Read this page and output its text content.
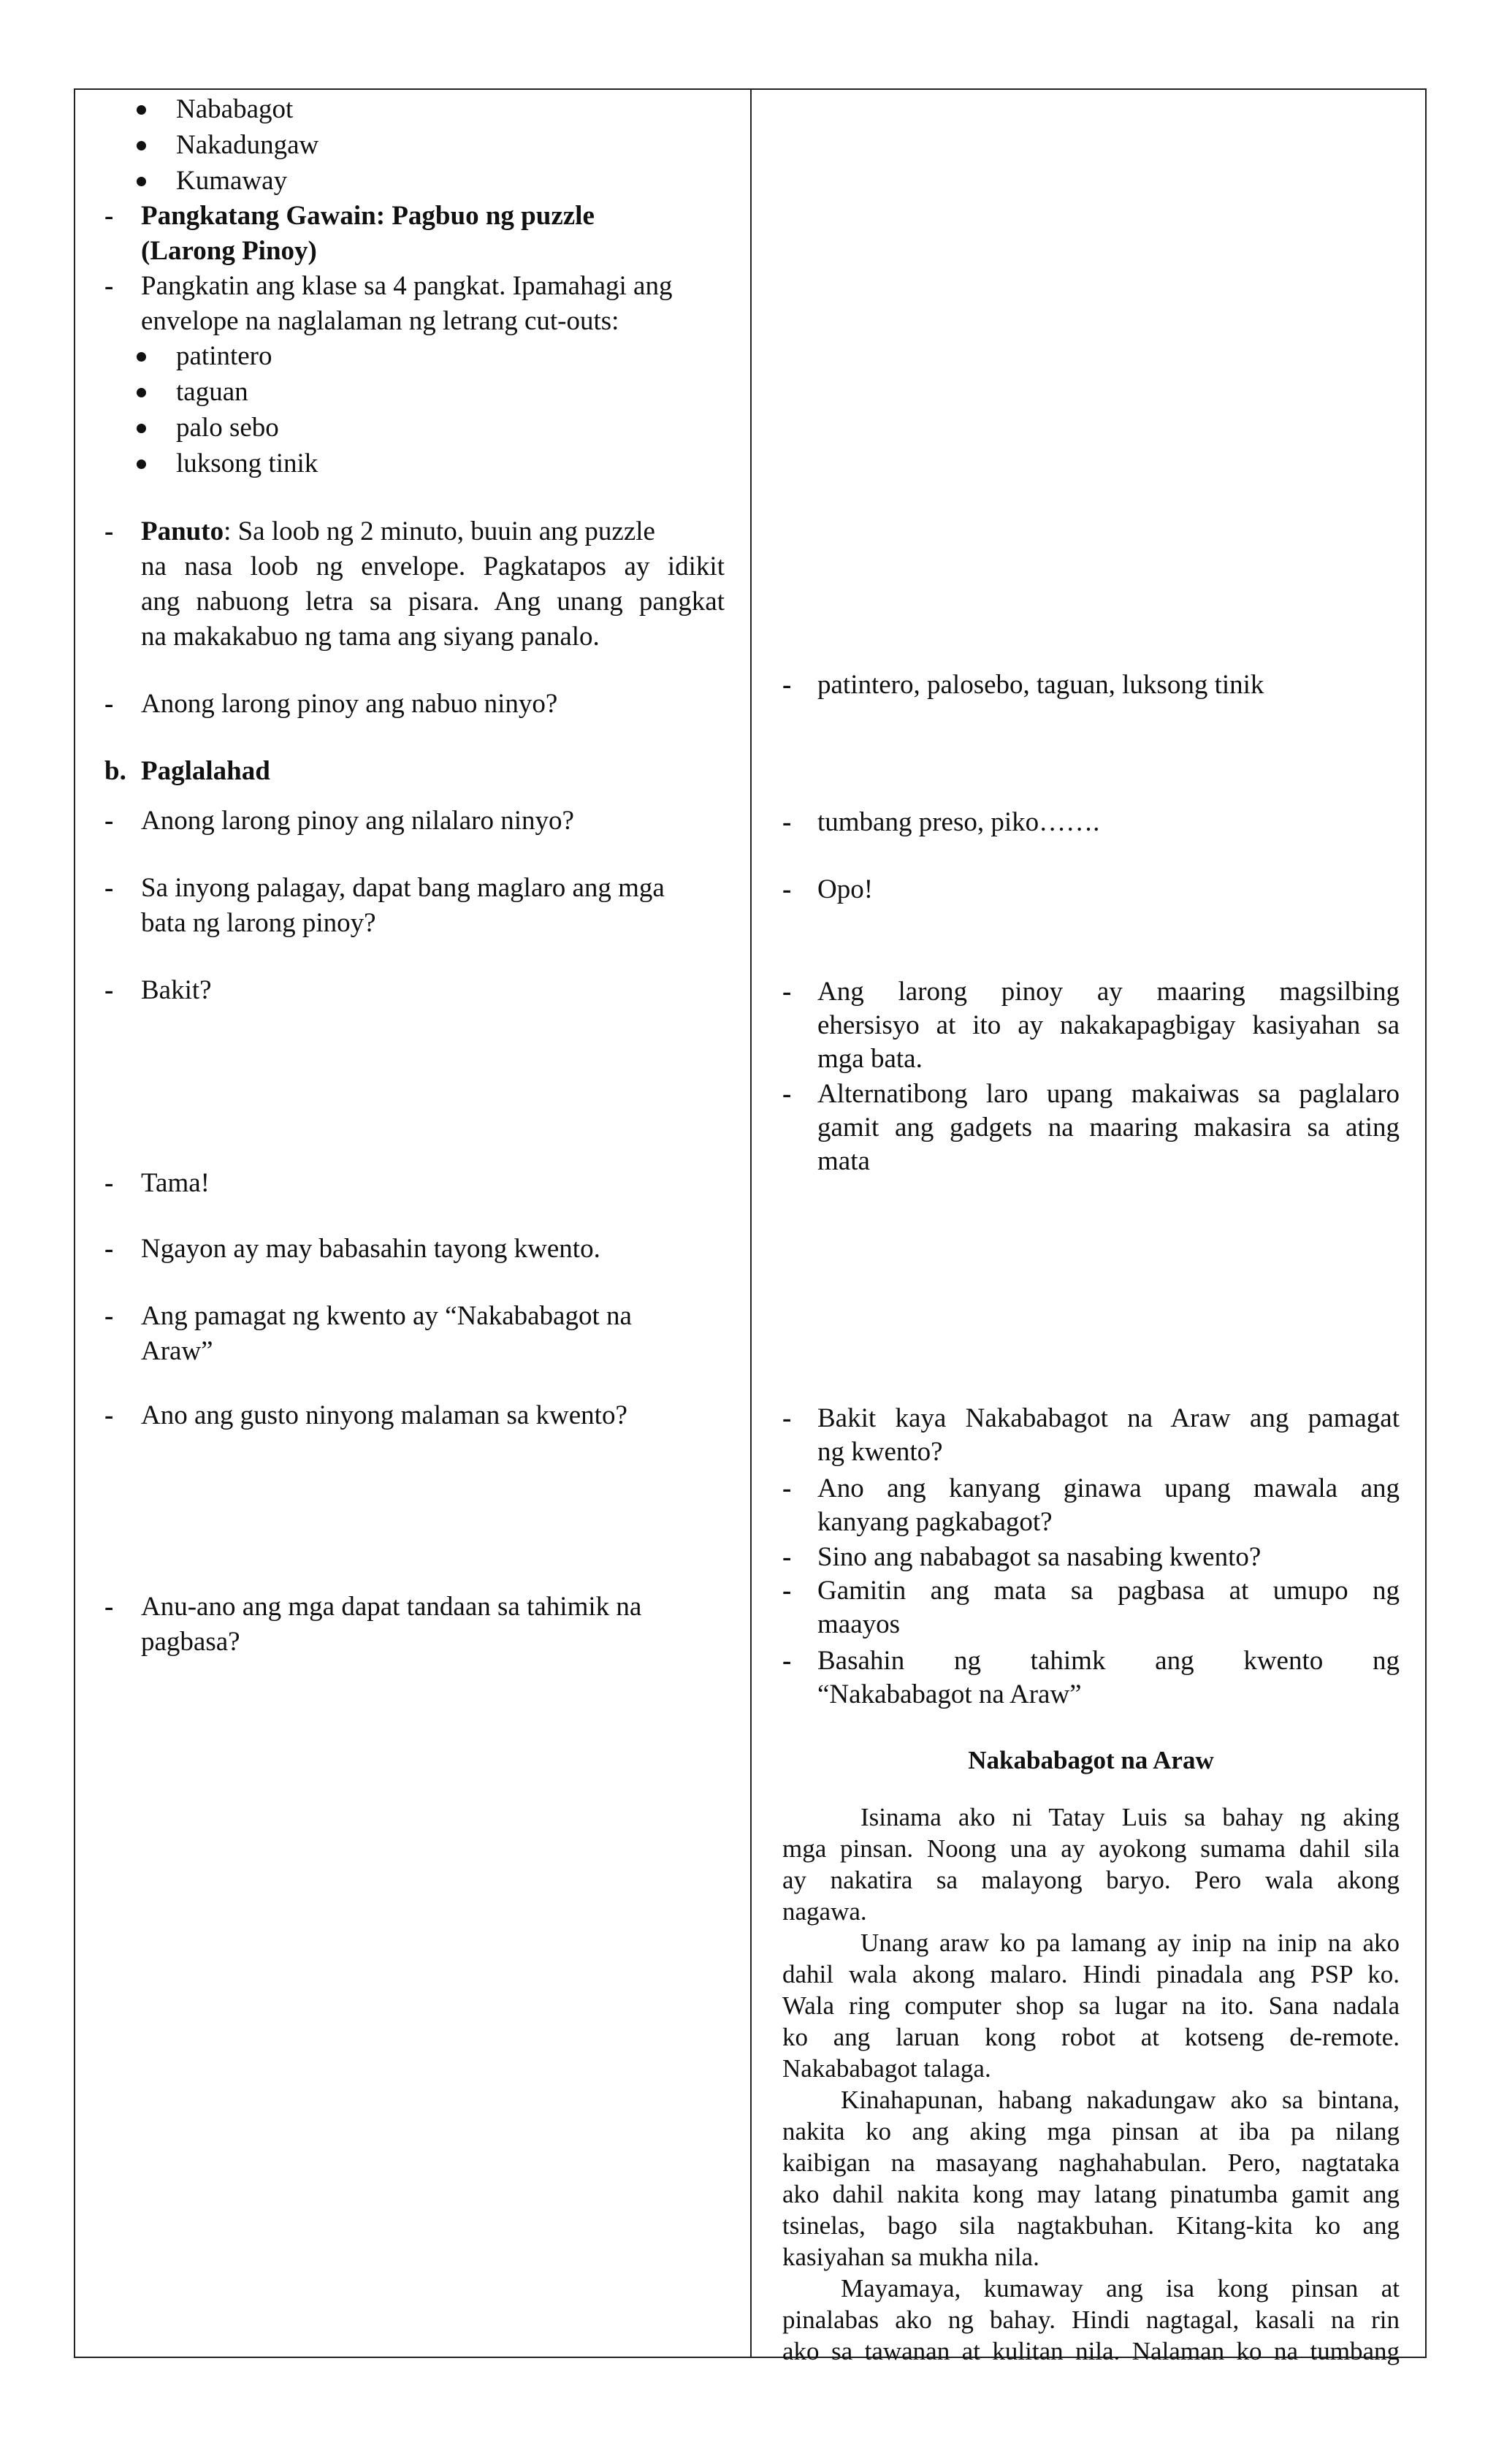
Nababagot
Nakadungaw
Kumaway
- Pangkatang Gawain: Pagbuo ng puzzle
(Larong Pinoy)
- Pangkatin ang klase sa 4 pangkat. Ipamahagi ang
envelope na naglalaman ng letrang cut-outs:
patintero
taguan
palo sebo
luksong tinik
- Panuto: Sa loob ng 2 minuto, buuin ang puzzle
na nasa loob ng envelope. Pagkatapos ay idikit
ang nabuong letra sa pisara. Ang unang pangkat
na makakabuo ng tama ang siyang panalo.
- Anong larong pinoy ang nabuo ninyo?
b. Paglalahad
- Anong larong pinoy ang nilalaro ninyo?
- Sa inyong palagay, dapat bang maglaro ang mga
bata ng larong pinoy?
- Bakit?
- Tama!
- Ngayon ay may babasahin tayong kwento.
- Ang pamagat ng kwento ay “Nakababagot na
Araw”
- Ano ang gusto ninyong malaman sa kwento?
- Anu-ano ang mga dapat tandaan sa tahimik na
pagbasa?
- patintero, palosebo, taguan, luksong tinik
- tumbang preso, piko…….
- Opo!
- Ang larong pinoy ay maaring magsilbing
ehersisyo at ito ay nakakapagbigay kasiyahan sa
mga bata.
- Alternatibong laro upang makaiwas sa paglalaro
gamit ang gadgets na maaring makasira sa ating
mata
- Bakit kaya Nakababagot na Araw ang pamagat
ng kwento?
- Ano ang kanyang ginawa upang mawala ang
kanyang pagkabagot?
- Sino ang nababagot sa nasabing kwento?
- Gamitin ang mata sa pagbasa at umupo ng
maayos
- Basahin ng tahimk ang kwento ng
“Nakababagot na Araw”
Nakababagot na Araw
Isinama ako ni Tatay Luis sa bahay ng aking
mga pinsan. Noong una ay ayokong sumama dahil sila
ay nakatira sa malayong baryo. Pero wala akong
nagawa.
Unang araw ko pa lamang ay inip na inip na ako
dahil wala akong malaro. Hindi pinadala ang PSP ko.
Wala ring computer shop sa lugar na ito. Sana nadala
ko ang laruan kong robot at kotseng de-remote.
Nakababagot talaga.
Kinahapunan, habang nakadungaw ako sa bintana,
nakita ko ang aking mga pinsan at iba pa nilang
kaibigan na masayang naghahabulan. Pero, nagtataka
ako dahil nakita kong may latang pinatumba gamit ang
tsinelas, bago sila nagtakbuhan. Kitang-kita ko ang
kasiyahan sa mukha nila.
Mayamaya, kumaway ang isa kong pinsan at
pinalabas ako ng bahay. Hindi nagtagal, kasali na rin
ako sa tawanan at kulitan nila. Nalaman ko na tumbang
